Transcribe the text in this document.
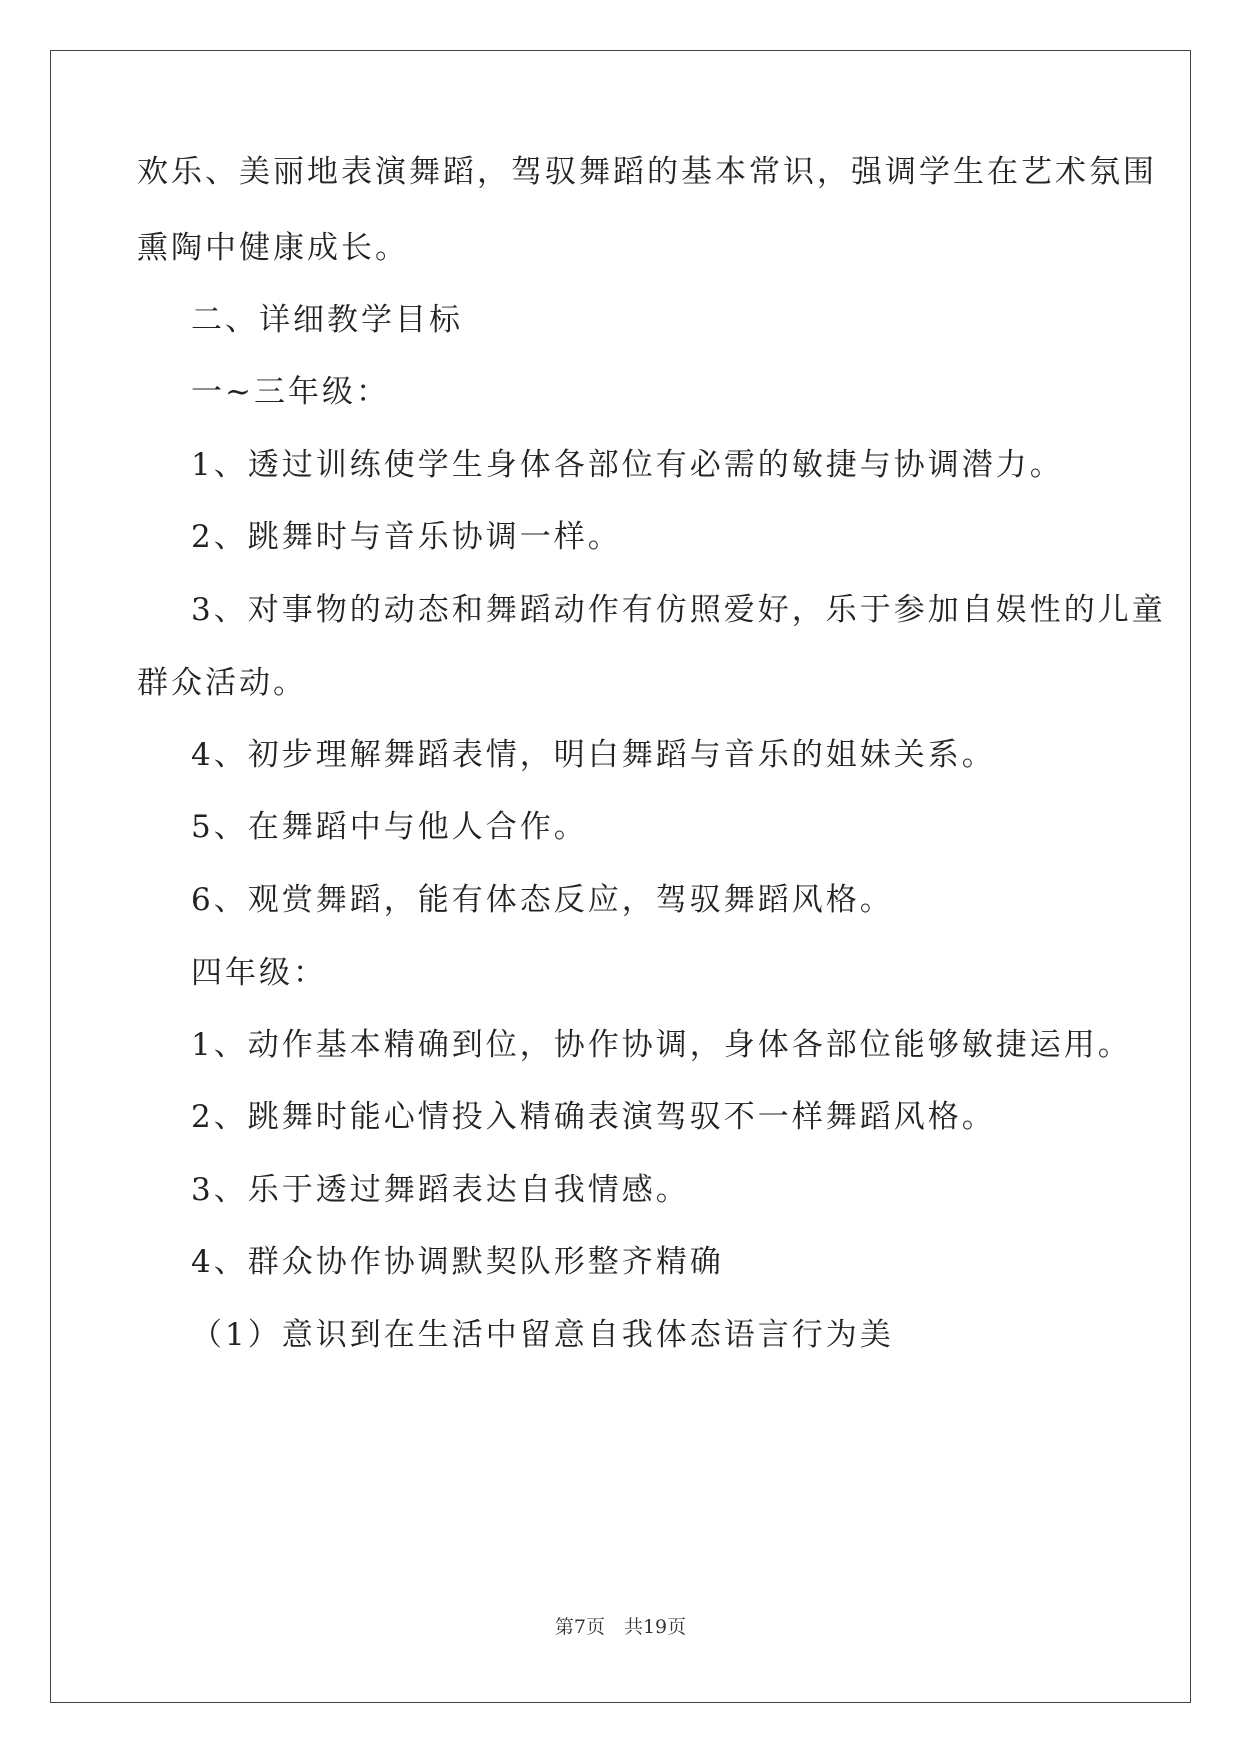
欢乐、美丽地表演舞蹈，驾驭舞蹈的基本常识，强调学生在艺术氛围
熏陶中健康成长。
二、详细教学目标
一~三年级：
1、透过训练使学生身体各部位有必需的敏捷与协调潜力。
2、跳舞时与音乐协调一样。
3、对事物的动态和舞蹈动作有仿照爱好，乐于参加自娱性的儿童
群众活动。
4、初步理解舞蹈表情，明白舞蹈与音乐的姐妹关系。
5、在舞蹈中与他人合作。
6、观赏舞蹈，能有体态反应，驾驭舞蹈风格。
四年级：
1、动作基本精确到位，协作协调，身体各部位能够敏捷运用。
2、跳舞时能心情投入精确表演驾驭不一样舞蹈风格。
3、乐于透过舞蹈表达自我情感。
4、群众协作协调默契队形整齐精确
（1）意识到在生活中留意自我体态语言行为美
第7页　共19页
